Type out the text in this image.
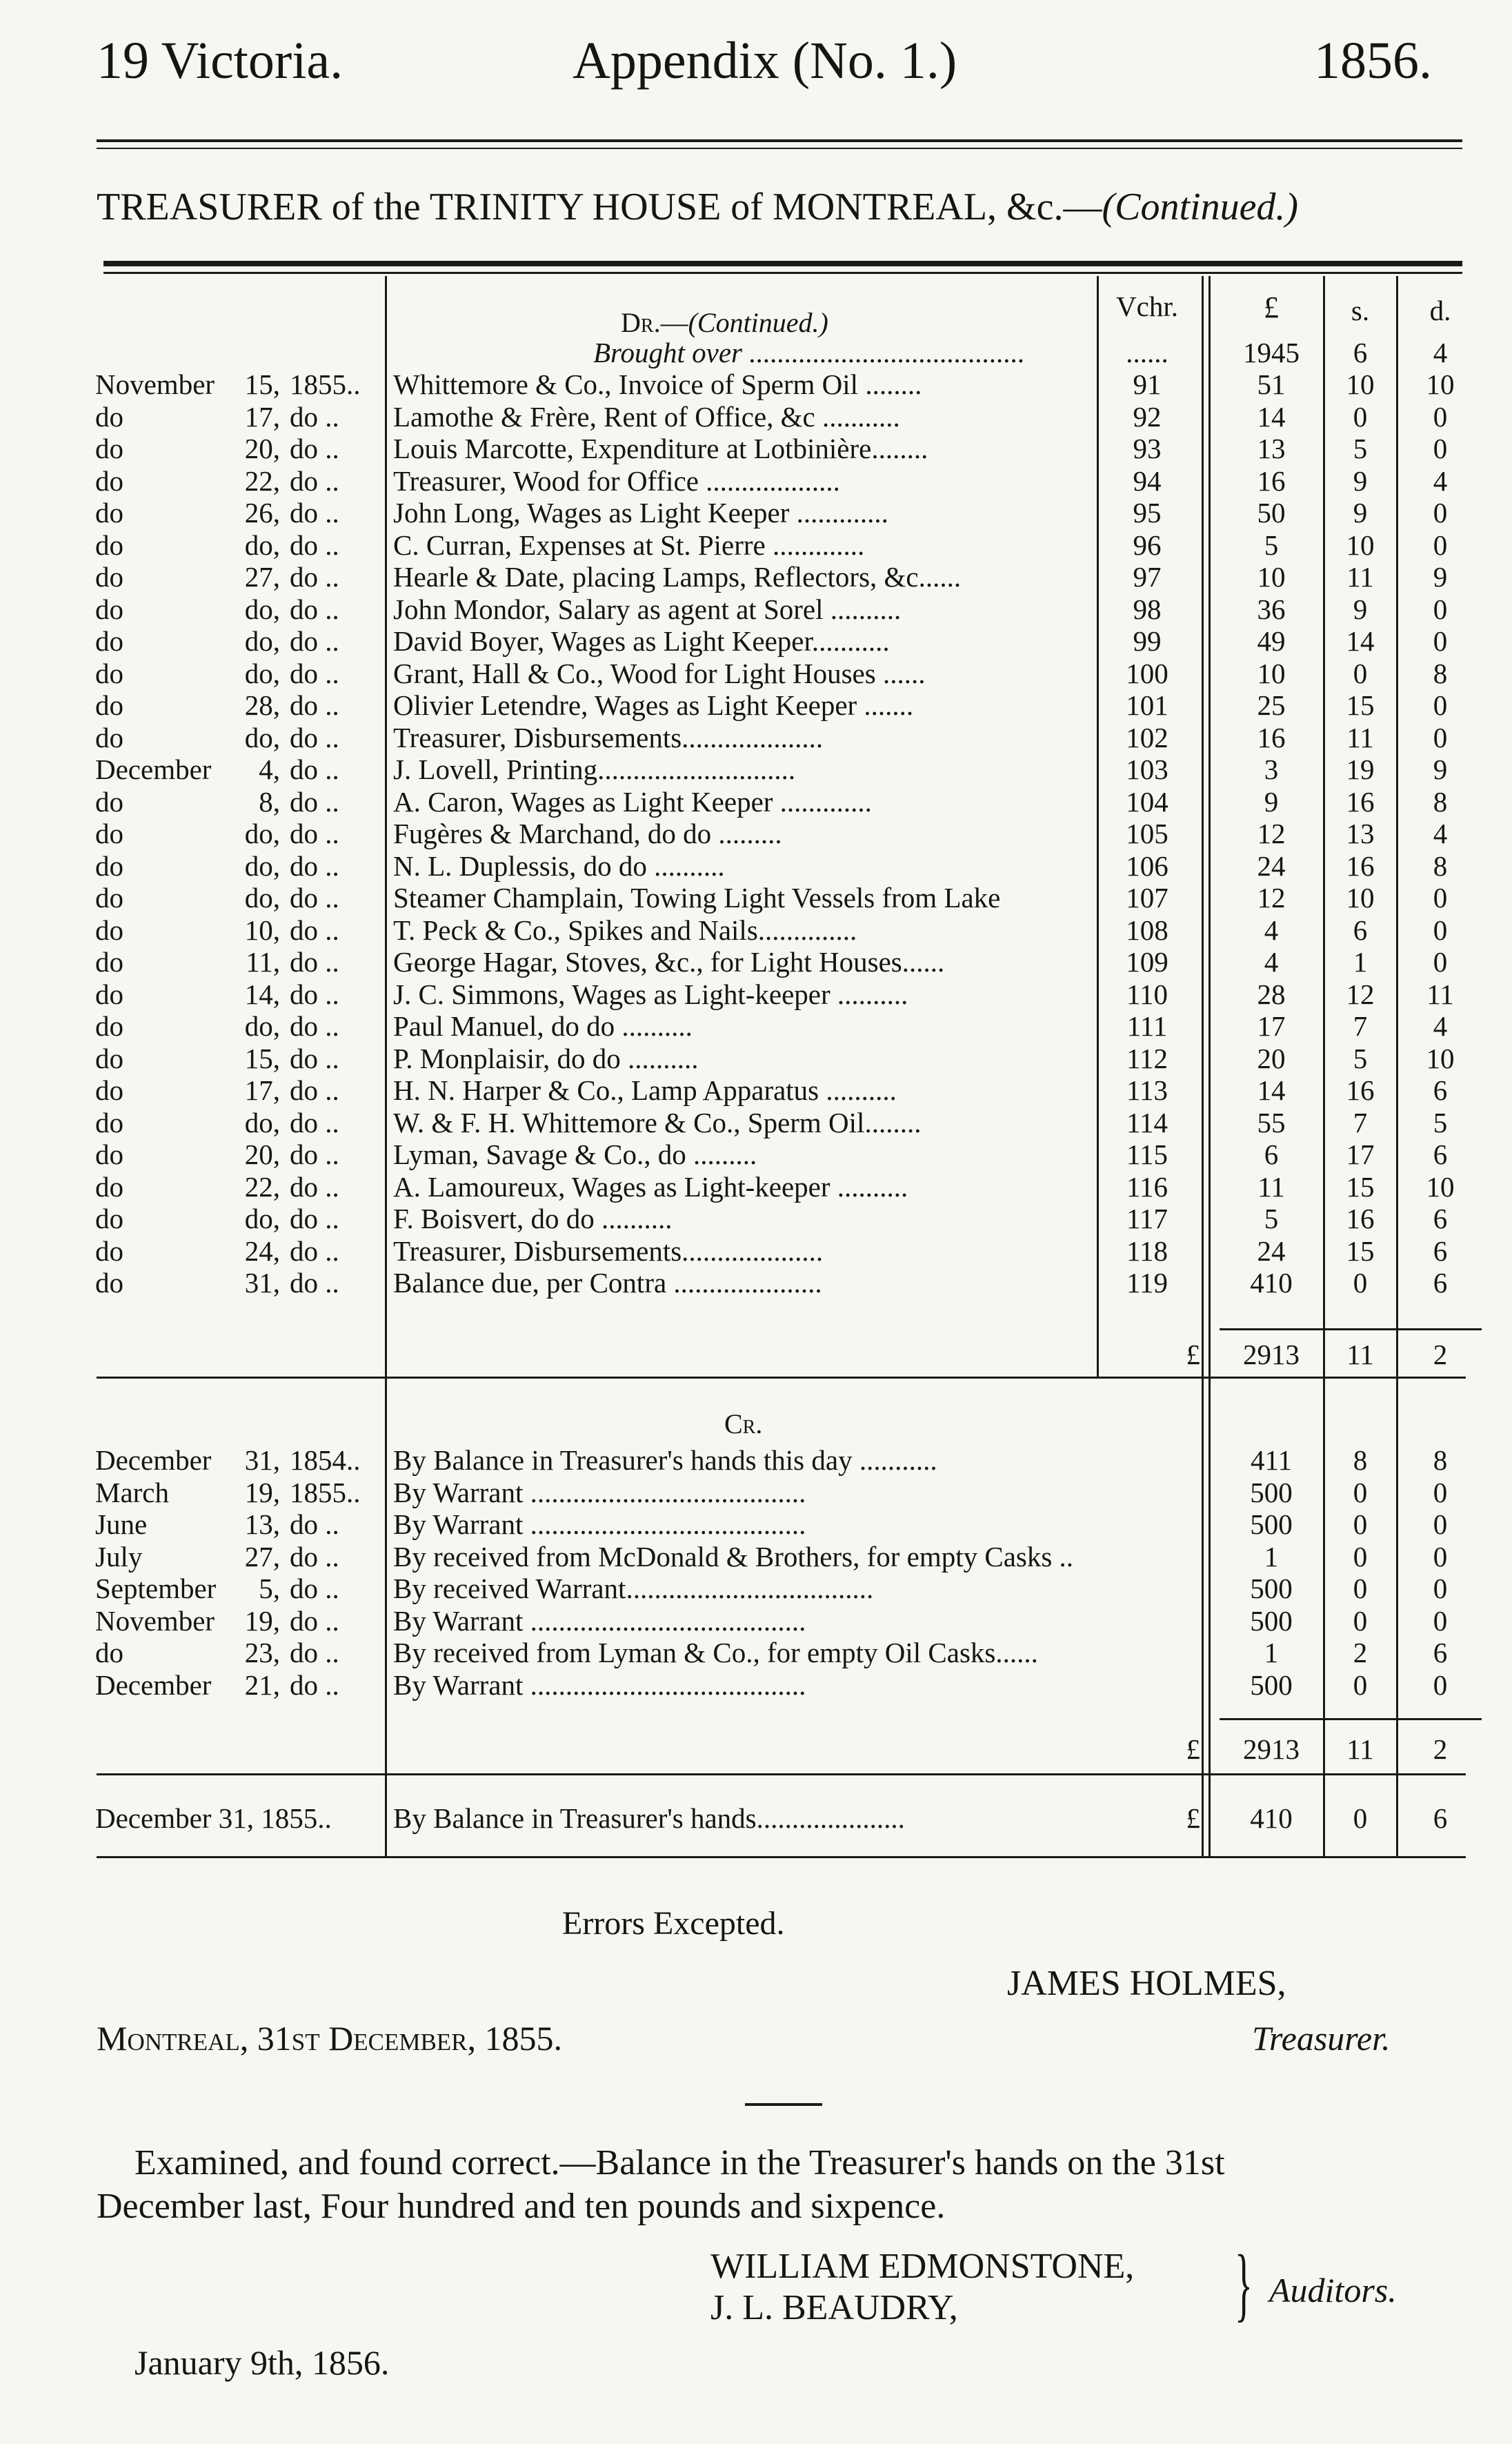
19 Victoria.	Appendix (No. 1.)	1856.
TREASURER of the TRINITY HOUSE of MONTREAL, &c.—(Continued.)
Vchr.	£	s.	d.
Dr.—(Continued.)
Brought over .......................................	......	1945	6	4
November 15, 1855..	Whittemore & Co., Invoice of Sperm Oil ........	91	51	10	10
do	17, do ..	Lamothe & Frère, Rent of Office, &c ...........	92	14	0	0
do	20, do ..	Louis Marcotte, Expenditure at Lotbinière........	93	13	5	0
do	22, do ..	Treasurer, Wood for Office ...................	94	16	9	4
do	26, do ..	John Long, Wages as Light Keeper .............	95	50	9	0
do	do, do ..	C. Curran, Expenses at St. Pierre .............	96	5	10	0
do	27, do ..	Hearle & Date, placing Lamps, Reflectors, &c......	97	10	11	9
do	do, do ..	John Mondor, Salary as agent at Sorel ..........	98	36	9	0
do	do, do ..	David Boyer, Wages as Light Keeper...........	99	49	14	0
do	do, do ..	Grant, Hall & Co., Wood for Light Houses ......	100	10	0	8
do	28, do ..	Olivier Letendre, Wages as Light Keeper .......	101	25	15	0
do	do, do ..	Treasurer, Disbursements....................	102	16	11	0
December 4, do ..	J. Lovell, Printing............................	103	3	19	9
do	8, do ..	A. Caron, Wages as Light Keeper .............	104	9	16	8
do	do, do ..	Fugères & Marchand, do do .........	105	12	13	4
do	do, do ..	N. L. Duplessis, do do ..........	106	24	16	8
do	do, do ..	Steamer Champlain, Towing Light Vessels from Lake	107	12	10	0
do	10, do ..	T. Peck & Co., Spikes and Nails..............	108	4	6	0
do	11, do ..	George Hagar, Stoves, &c., for Light Houses......	109	4	1	0
do	14, do ..	J. C. Simmons, Wages as Light-keeper ..........	110	28	12	11
do	do, do ..	Paul Manuel, do do ..........	111	17	7	4
do	15, do ..	P. Monplaisir, do do ..........	112	20	5	10
do	17, do ..	H. N. Harper & Co., Lamp Apparatus ..........	113	14	16	6
do	do, do ..	W. & F. H. Whittemore & Co., Sperm Oil........	114	55	7	5
do	20, do ..	Lyman, Savage & Co., do .........	115	6	17	6
do	22, do ..	A. Lamoureux, Wages as Light-keeper ..........	116	11	15	10
do	do, do ..	F. Boisvert, do do ..........	117	5	16	6
do	24, do ..	Treasurer, Disbursements....................	118	24	15	6
do	31, do ..	Balance due, per Contra .....................	119	410	0	6
£	2913	11	2
Cr.
December 31, 1854..	By Balance in Treasurer's hands this day ...........	411	8	8
March	19, 1855..	By Warrant .......................................	500	0	0
June	13, do ..	By Warrant .......................................	500	0	0
July	27, do ..	By received from McDonald & Brothers, for empty Casks ..	1	0	0
September 5, do ..	By received Warrant...................................	500	0	0
November 19, do ..	By Warrant .......................................	500	0	0
do	23, do ..	By received from Lyman & Co., for empty Oil Casks......	1	2	6
December 21, do ..	By Warrant .......................................	500	0	0
£	2913	11	2
December 31, 1855..	By Balance in Treasurer's hands.....................	£	410	0	6
Errors Excepted.
JAMES HOLMES,
Montreal, 31st December, 1855.	Treasurer.
Examined, and found correct.—Balance in the Treasurer's hands on the 31st
December last, Four hundred and ten pounds and sixpence.
WILLIAM EDMONSTONE,
J. L. BEAUDRY,	} Auditors.
January 9th, 1856.
